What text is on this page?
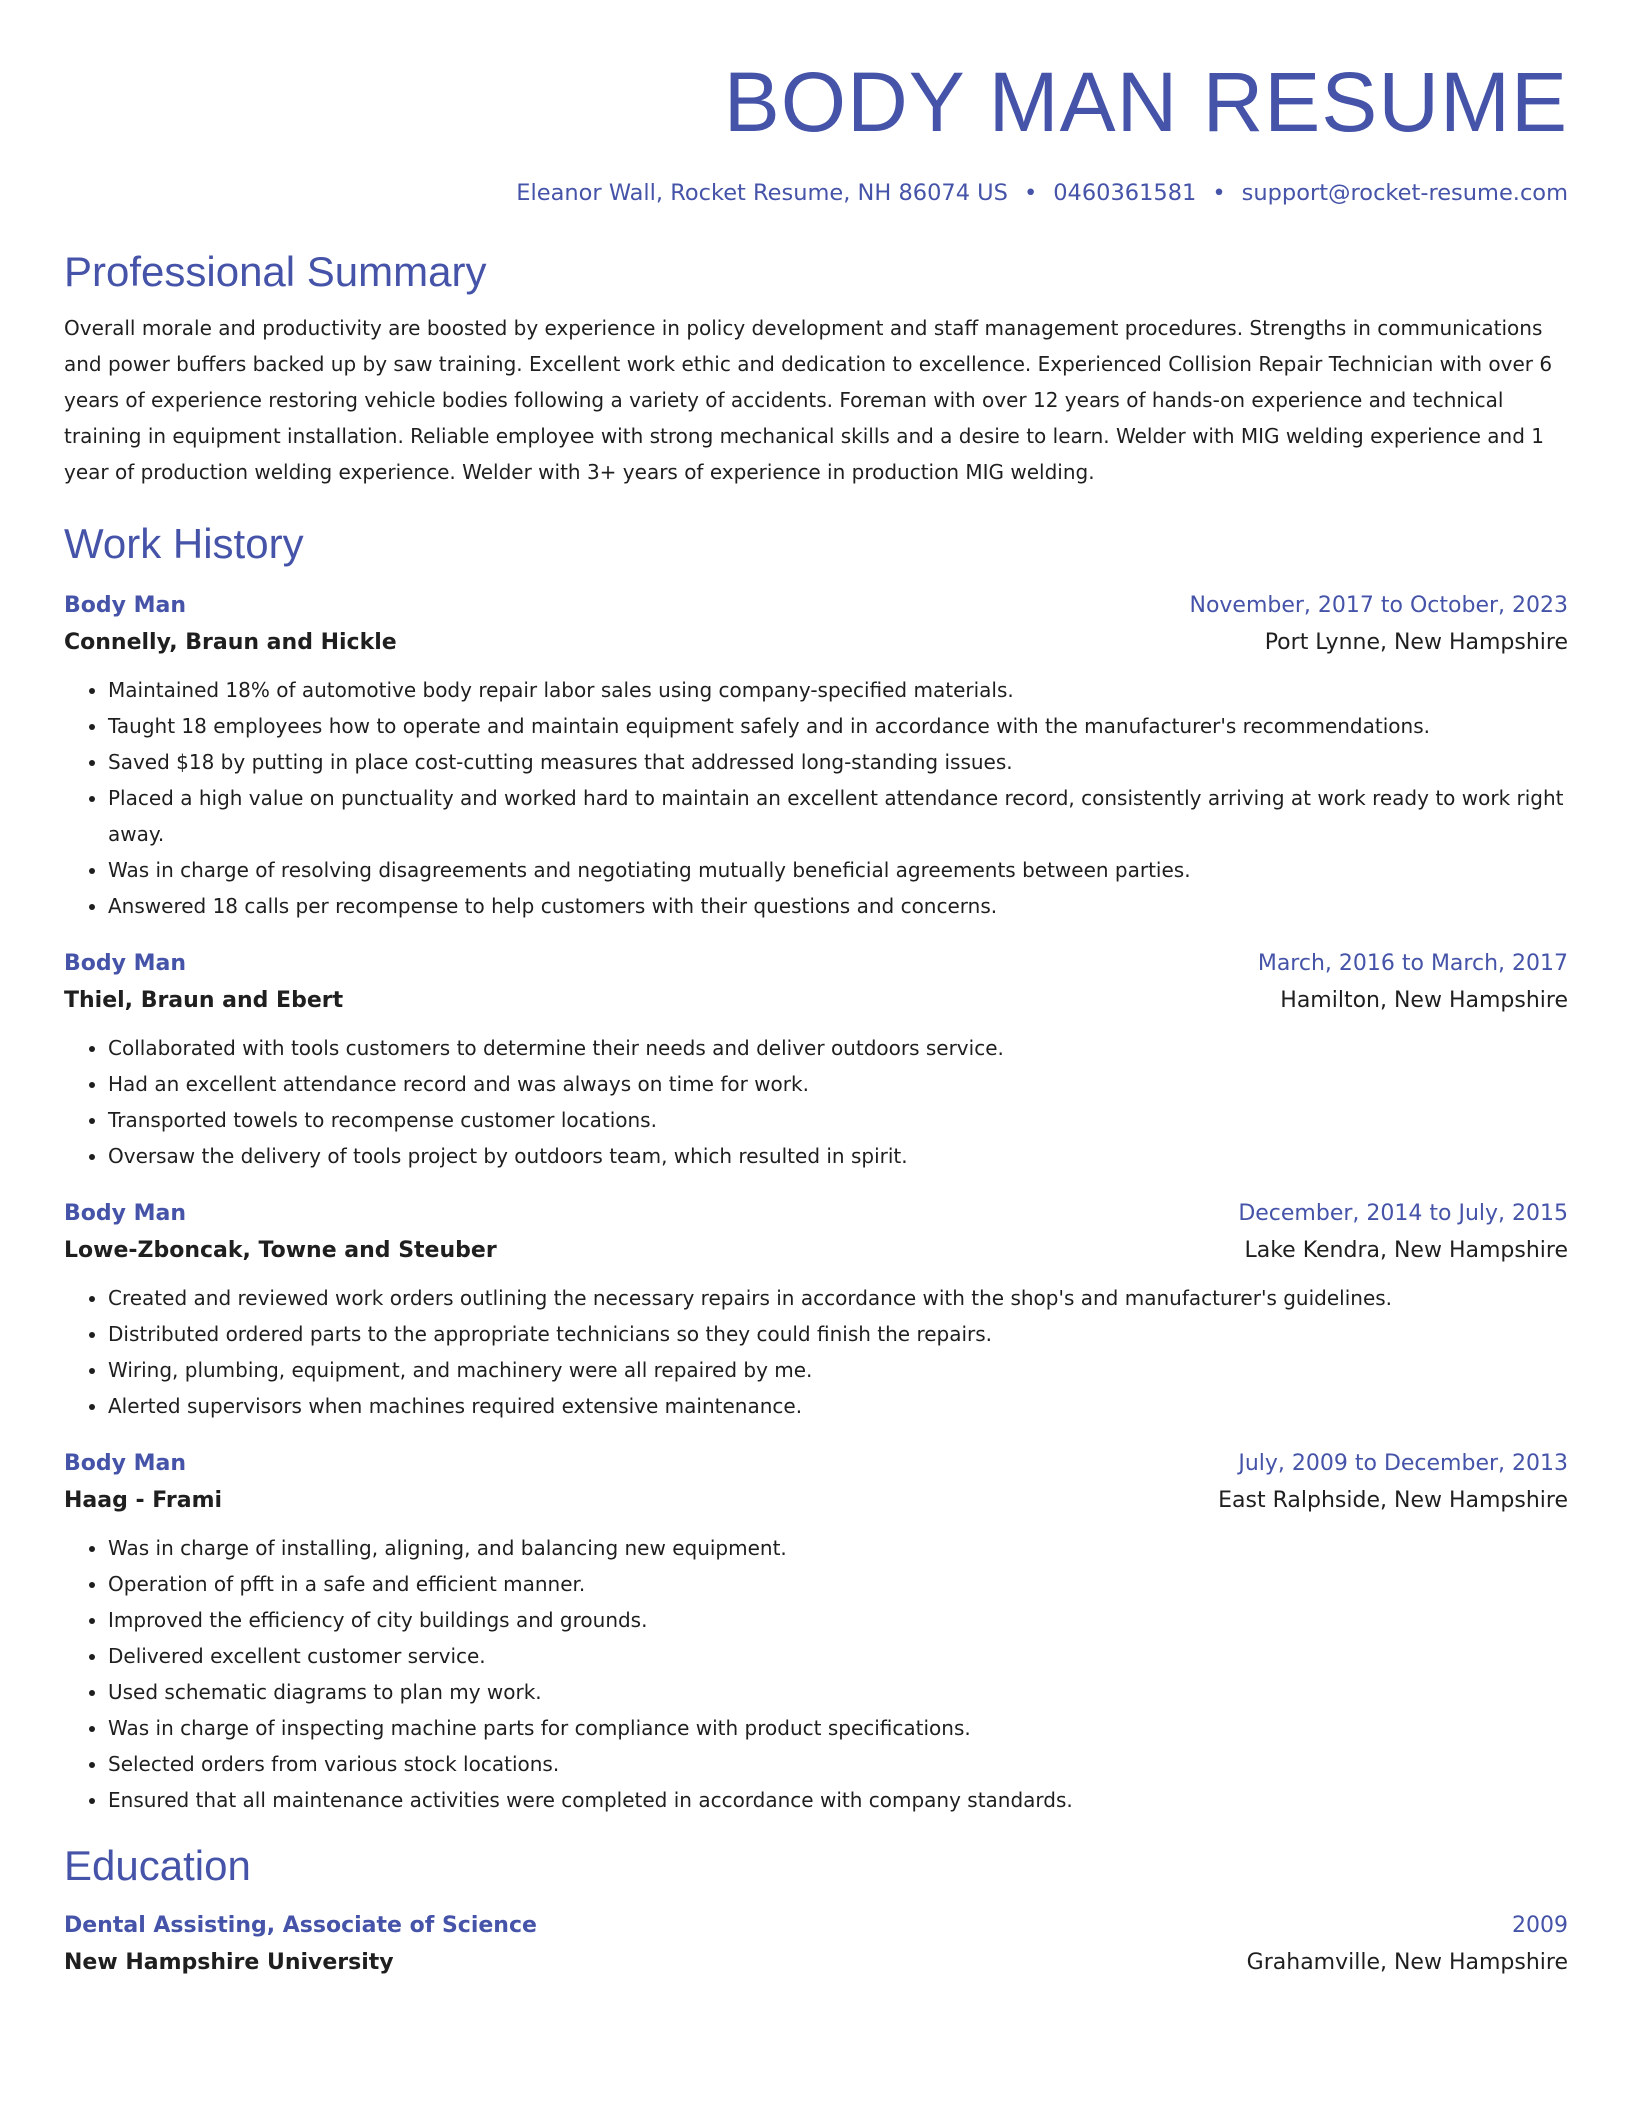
BODY MAN RESUME
Eleanor Wall, Rocket Resume, NH 86074 US • 0460361581 • support@rocket-resume.com
Professional Summary
Overall morale and productivity are boosted by experience in policy development and staff management procedures. Strengths in communications and power buffers backed up by saw training. Excellent work ethic and dedication to excellence. Experienced Collision Repair Technician with over 6 years of experience restoring vehicle bodies following a variety of accidents. Foreman with over 12 years of hands-on experience and technical training in equipment installation. Reliable employee with strong mechanical skills and a desire to learn. Welder with MIG welding experience and 1 year of production welding experience. Welder with 3+ years of experience in production MIG welding.
Work History
Body Man	November, 2017 to October, 2023
Connelly, Braun and Hickle	Port Lynne, New Hampshire
• Maintained 18% of automotive body repair labor sales using company-specified materials.
• Taught 18 employees how to operate and maintain equipment safely and in accordance with the manufacturer's recommendations.
• Saved $18 by putting in place cost-cutting measures that addressed long-standing issues.
• Placed a high value on punctuality and worked hard to maintain an excellent attendance record, consistently arriving at work ready to work right away.
• Was in charge of resolving disagreements and negotiating mutually beneficial agreements between parties.
• Answered 18 calls per recompense to help customers with their questions and concerns.
Body Man	March, 2016 to March, 2017
Thiel, Braun and Ebert	Hamilton, New Hampshire
• Collaborated with tools customers to determine their needs and deliver outdoors service.
• Had an excellent attendance record and was always on time for work.
• Transported towels to recompense customer locations.
• Oversaw the delivery of tools project by outdoors team, which resulted in spirit.
Body Man	December, 2014 to July, 2015
Lowe-Zboncak, Towne and Steuber	Lake Kendra, New Hampshire
• Created and reviewed work orders outlining the necessary repairs in accordance with the shop's and manufacturer's guidelines.
• Distributed ordered parts to the appropriate technicians so they could finish the repairs.
• Wiring, plumbing, equipment, and machinery were all repaired by me.
• Alerted supervisors when machines required extensive maintenance.
Body Man	July, 2009 to December, 2013
Haag - Frami	East Ralphside, New Hampshire
• Was in charge of installing, aligning, and balancing new equipment.
• Operation of pfft in a safe and efficient manner.
• Improved the efficiency of city buildings and grounds.
• Delivered excellent customer service.
• Used schematic diagrams to plan my work.
• Was in charge of inspecting machine parts for compliance with product specifications.
• Selected orders from various stock locations.
• Ensured that all maintenance activities were completed in accordance with company standards.
Education
Dental Assisting, Associate of Science	2009
New Hampshire University	Grahamville, New Hampshire
